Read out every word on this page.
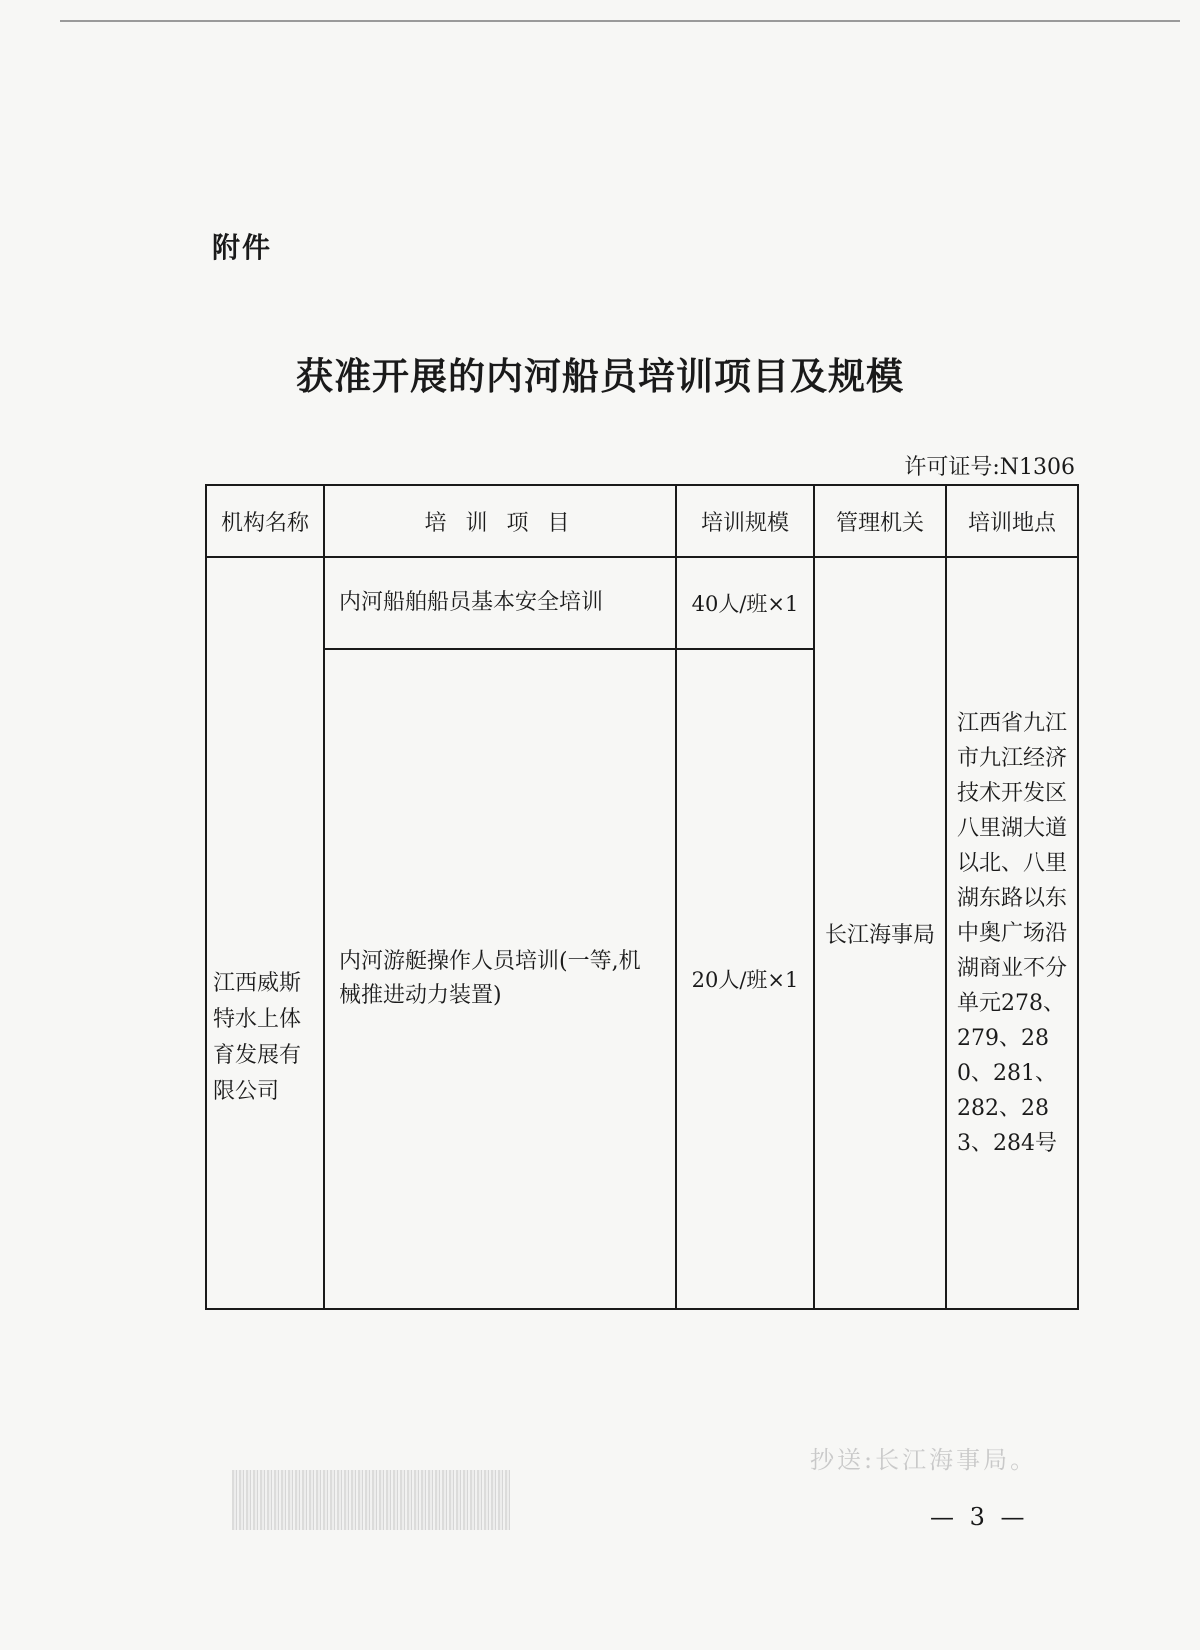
附件
获准开展的内河船员培训项目及规模
许可证号:N1306
机构名称	培 训 项 目	培训规模	管理机关	培训地点
江西威斯特水上体育发展有限公司	内河船舶船员基本安全培训	40人/班×1	长江海事局	江西省九江市九江经济技术开发区八里湖大道以北、八里湖东路以东中奥广场沿湖商业不分单元278、279、280、281、282、283、284号
	内河游艇操作人员培训(一等,机械推进动力装置)	20人/班×1		
抄送:长江海事局。
— 3 —
